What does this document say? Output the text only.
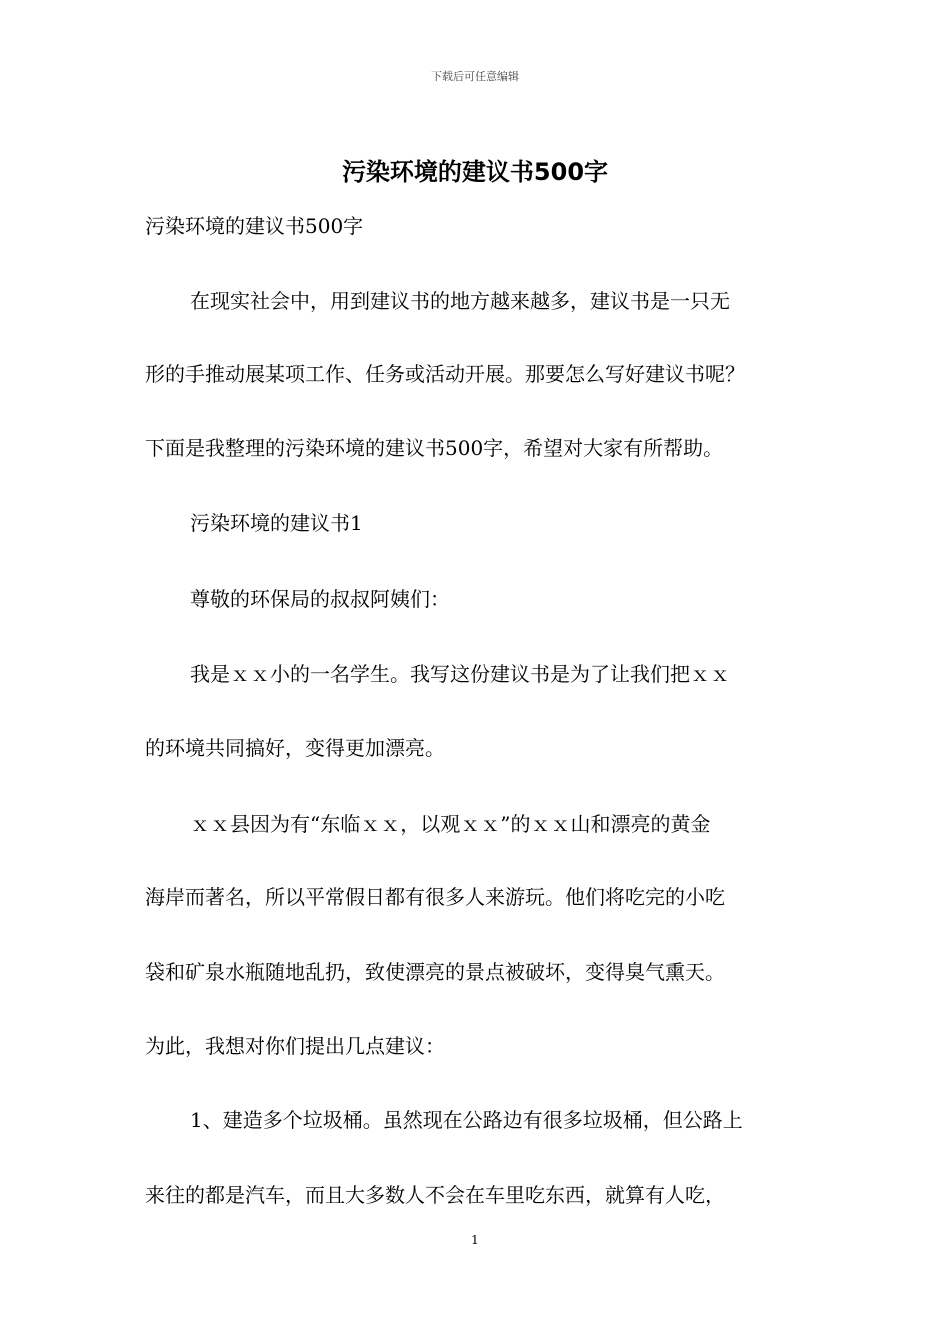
下载后可任意编辑
污染环境的建议书500字
污染环境的建议书500字
在现实社会中，用到建议书的地方越来越多，建议书是一只无
形的手推动展某项工作、任务或活动开展。那要怎么写好建议书呢？
下面是我整理的污染环境的建议书500字，希望对大家有所帮助。
污染环境的建议书1
尊敬的环保局的叔叔阿姨们：
我是ｘｘ小的一名学生。我写这份建议书是为了让我们把ｘｘ
的环境共同搞好，变得更加漂亮。
ｘｘ县因为有“东临ｘｘ，以观ｘｘ”的ｘｘ山和漂亮的黄金
海岸而著名，所以平常假日都有很多人来游玩。他们将吃完的小吃
袋和矿泉水瓶随地乱扔，致使漂亮的景点被破坏，变得臭气熏天。
为此，我想对你们提出几点建议：
1、建造多个垃圾桶。虽然现在公路边有很多垃圾桶，但公路上
来往的都是汽车，而且大多数人不会在车里吃东西，就算有人吃，
1
